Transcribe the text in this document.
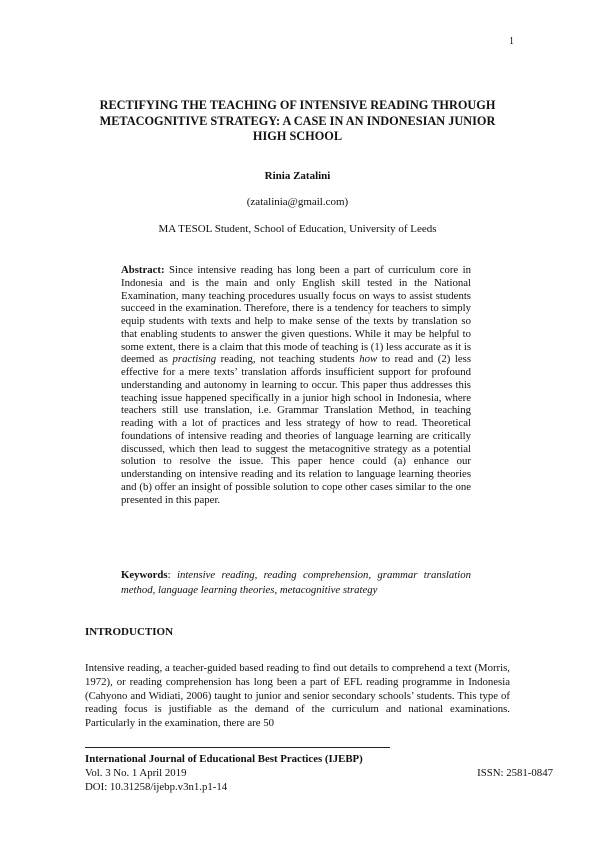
1
RECTIFYING THE TEACHING OF INTENSIVE READING THROUGH METACOGNITIVE STRATEGY: A CASE IN AN INDONESIAN JUNIOR HIGH SCHOOL
Rinia Zatalini
(zatalinia@gmail.com)
MA TESOL Student, School of Education, University of Leeds
Abstract: Since intensive reading has long been a part of curriculum core in Indonesia and is the main and only English skill tested in the National Examination, many teaching procedures usually focus on ways to assist students succeed in the examination. Therefore, there is a tendency for teachers to simply equip students with texts and help to make sense of the texts by translation so that enabling students to answer the given questions. While it may be helpful to some extent, there is a claim that this mode of teaching is (1) less accurate as it is deemed as practising reading, not teaching students how to read and (2) less effective for a mere texts’ translation affords insufficient support for profound understanding and autonomy in learning to occur. This paper thus addresses this teaching issue happened specifically in a junior high school in Indonesia, where teachers still use translation, i.e. Grammar Translation Method, in teaching reading with a lot of practices and less strategy of how to read. Theoretical foundations of intensive reading and theories of language learning are critically discussed, which then lead to suggest the metacognitive strategy as a potential solution to resolve the issue. This paper hence could (a) enhance our understanding on intensive reading and its relation to language learning theories and (b) offer an insight of possible solution to cope other cases similar to the one presented in this paper.
Keywords: intensive reading, reading comprehension, grammar translation method, language learning theories, metacognitive strategy
INTRODUCTION
Intensive reading, a teacher-guided based reading to find out details to comprehend a text (Morris, 1972), or reading comprehension has long been a part of EFL reading programme in Indonesia (Cahyono and Widiati, 2006) taught to junior and senior secondary schools’ students. This type of reading focus is justifiable as the demand of the curriculum and national examinations. Particularly in the examination, there are 50
International Journal of Educational Best Practices (IJEBP)
Vol. 3 No. 1 April 2019	ISSN: 2581-0847
DOI: 10.31258/ijebp.v3n1.p1-14
